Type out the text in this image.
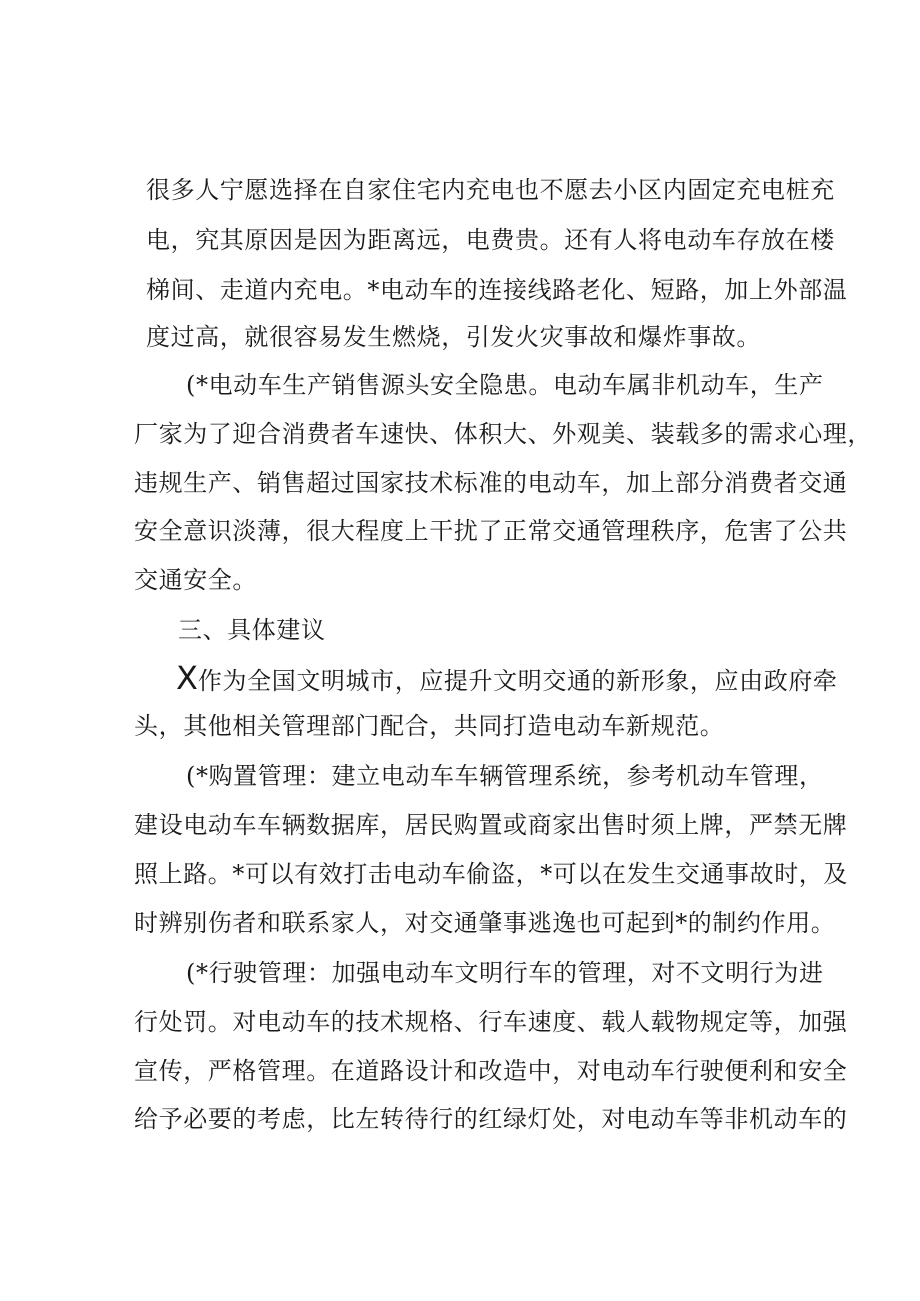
很多人宁愿选择在自家住宅内充电也不愿去小区内固定充电桩充
电，究其原因是因为距离远，电费贵。还有人将电动车存放在楼
梯间、走道内充电。*电动车的连接线路老化、短路，加上外部温
度过高，就很容易发生燃烧，引发火灾事故和爆炸事故。
(*电动车生产销售源头安全隐患。电动车属非机动车，生产
厂家为了迎合消费者车速快、体积大、外观美、装载多的需求心理，
违规生产、销售超过国家技术标准的电动车，加上部分消费者交通
安全意识淡薄，很大程度上干扰了正常交通管理秩序，危害了公共
交通安全。
三、具体建议
X作为全国文明城市，应提升文明交通的新形象，应由政府牵
头，其他相关管理部门配合，共同打造电动车新规范。
(*购置管理：建立电动车车辆管理系统，参考机动车管理，
建设电动车车辆数据库，居民购置或商家出售时须上牌，严禁无牌
照上路。*可以有效打击电动车偷盗，*可以在发生交通事故时，及
时辨别伤者和联系家人，对交通肇事逃逸也可起到*的制约作用。
(*行驶管理：加强电动车文明行车的管理，对不文明行为进
行处罚。对电动车的技术规格、行车速度、载人载物规定等，加强
宣传，严格管理。在道路设计和改造中，对电动车行驶便利和安全
给予必要的考虑，比左转待行的红绿灯处，对电动车等非机动车的
